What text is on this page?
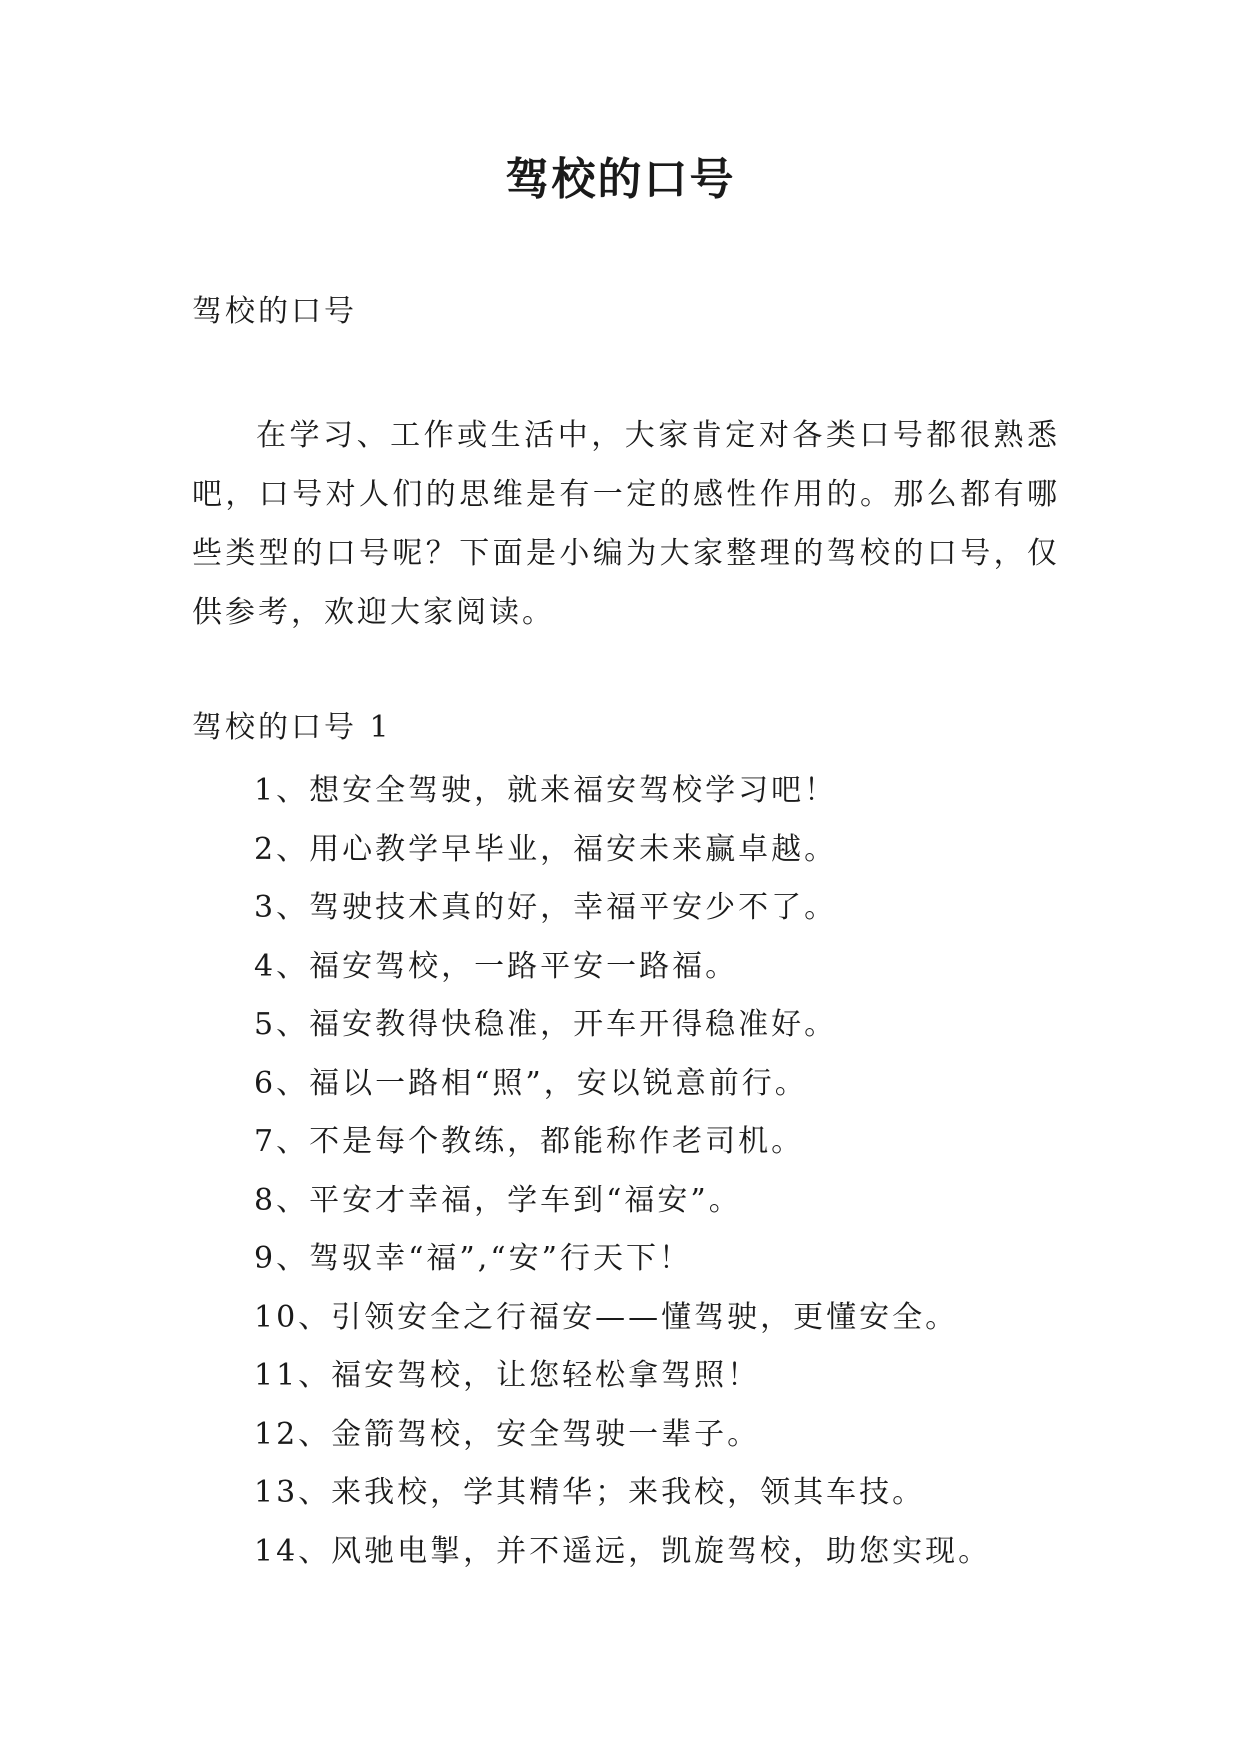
驾校的口号
驾校的口号

在学习、工作或生活中，大家肯定对各类口号都很熟悉吧，口号对人们的思维是有一定的感性作用的。那么都有哪些类型的口号呢？下面是小编为大家整理的驾校的口号，仅供参考，欢迎大家阅读。

驾校的口号 1
1、想安全驾驶，就来福安驾校学习吧！
2、用心教学早毕业，福安未来赢卓越。
3、驾驶技术真的好，幸福平安少不了。
4、福安驾校，一路平安一路福。
5、福安教得快稳准，开车开得稳准好。
6、福以一路相“照”，安以锐意前行。
7、不是每个教练，都能称作老司机。
8、平安才幸福，学车到“福安”。
9、驾驭幸“福”,“安”行天下！
10、引领安全之行福安——懂驾驶，更懂安全。
11、福安驾校，让您轻松拿驾照！
12、金箭驾校，安全驾驶一辈子。
13、来我校，学其精华；来我校，领其车技。
14、风驰电掣，并不遥远，凯旋驾校，助您实现。
